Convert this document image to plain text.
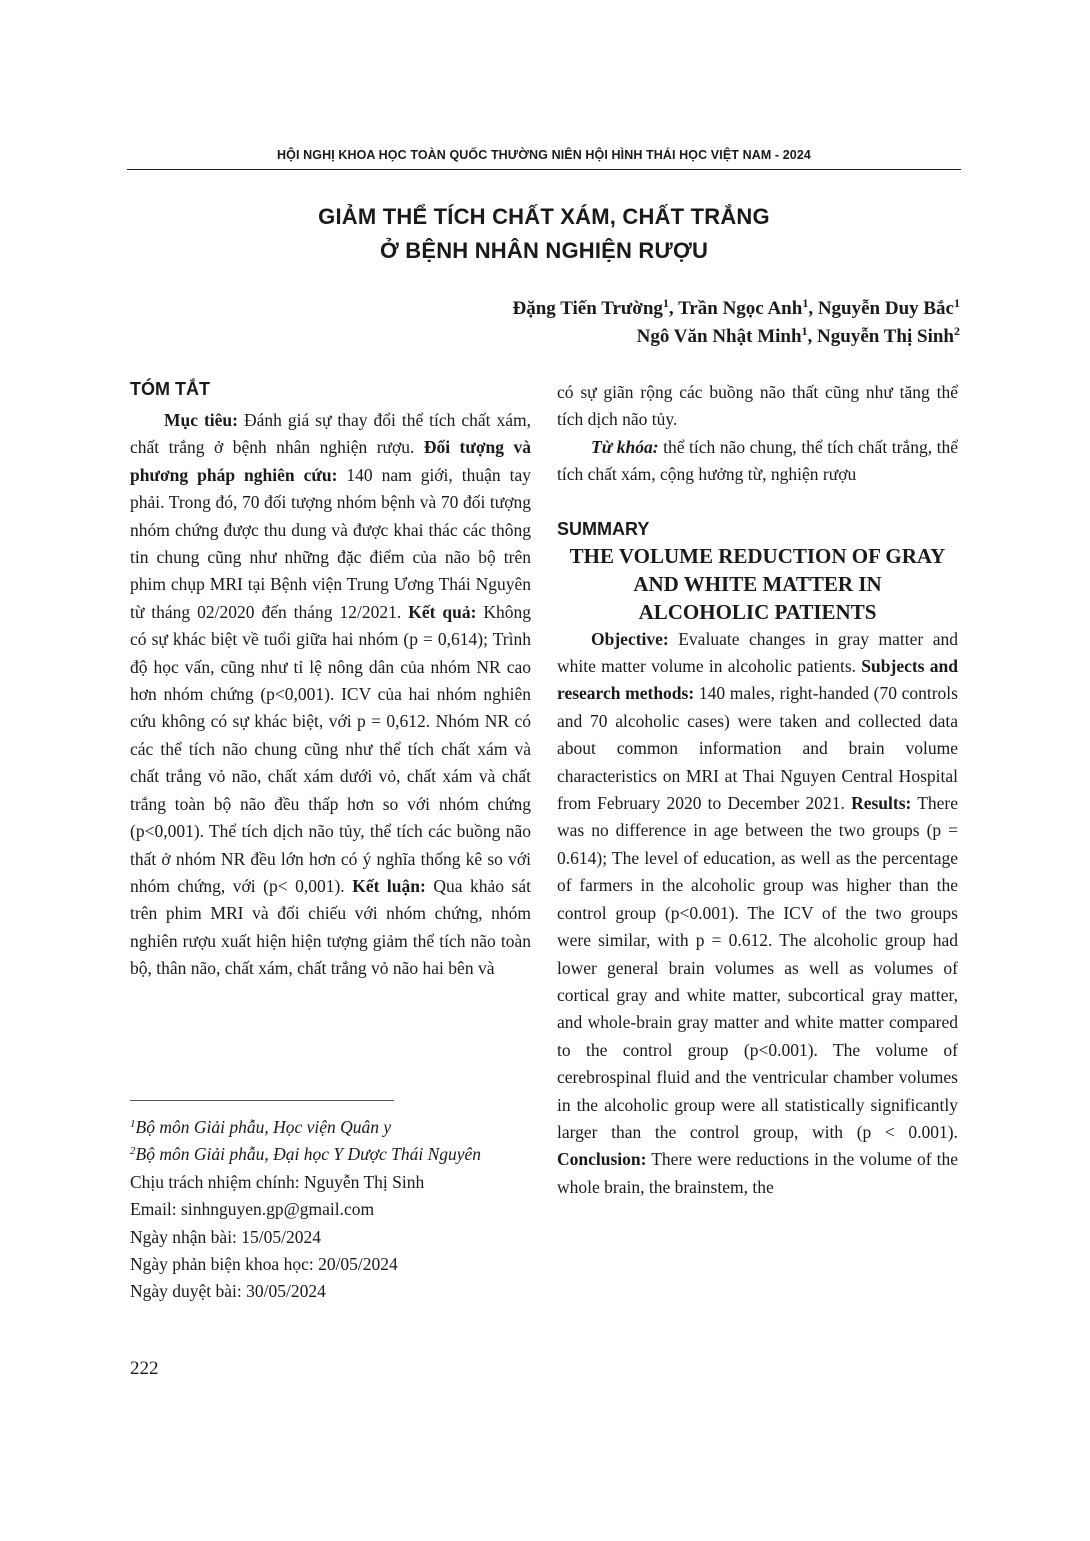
HỘI NGHỊ KHOA HỌC TOÀN QUỐC THƯỜNG NIÊN HỘI HÌNH THÁI HỌC VIỆT NAM - 2024
GIẢM THỂ TÍCH CHẤT XÁM, CHẤT TRẮNG
Ở BỆNH NHÂN NGHIỆN RƯỢU
Đặng Tiến Trường$^1$, Trần Ngọc Anh$^1$, Nguyễn Duy Bắc$^1$
Ngô Văn Nhật Minh$^1$, Nguyễn Thị Sinh$^2$
TÓM TẮT

Mục tiêu: Đánh giá sự thay đổi thể tích chất xám, chất trắng ở bệnh nhân nghiện rượu. Đối tượng và phương pháp nghiên cứu: 140 nam giới, thuận tay phải. Trong đó, 70 đối tượng nhóm bệnh và 70 đối tượng nhóm chứng được thu dung và được khai thác các thông tin chung cũng như những đặc điểm của não bộ trên phim chụp MRI tại Bệnh viện Trung Ương Thái Nguyên từ tháng 02/2020 đến tháng 12/2021. Kết quả: Không có sự khác biệt về tuổi giữa hai nhóm (p = 0,614); Trình độ học vấn, cũng như tỉ lệ nông dân của nhóm NR cao hơn nhóm chứng (p<0,001). ICV của hai nhóm nghiên cứu không có sự khác biệt, với p = 0,612. Nhóm NR có các thể tích não chung cũng như thể tích chất xám và chất trắng vỏ não, chất xám dưới vỏ, chất xám và chất trắng toàn bộ não đều thấp hơn so với nhóm chứng (p<0,001). Thể tích dịch não tủy, thể tích các buồng não thất ở nhóm NR đều lớn hơn có ý nghĩa thống kê so với nhóm chứng, với (p< 0,001). Kết luận: Qua khảo sát trên phim MRI và đối chiếu với nhóm chứng, nhóm nghiên rượu xuất hiện hiện tượng giảm thể tích não toàn bộ, thân não, chất xám, chất trắng vỏ não hai bên và

$^1$Bộ môn Giải phẫu, Học viện Quân y
$^2$Bộ môn Giải phẫu, Đại học Y Dược Thái Nguyên
Chịu trách nhiệm chính: Nguyễn Thị Sinh
Email: sinhnguyen.gp@gmail.com
Ngày nhận bài: 15/05/2024
Ngày phản biện khoa học: 20/05/2024
Ngày duyệt bài: 30/05/2024

có sự giãn rộng các buồng não thất cũng như tăng thể tích dịch não tủy.

Từ khóa: thể tích não chung, thể tích chất trắng, thể tích chất xám, cộng hưởng từ, nghiện rượu

SUMMARY
THE VOLUME REDUCTION OF GRAY
AND WHITE MATTER IN
ALCOHOLIC PATIENTS

Objective: Evaluate changes in gray matter and white matter volume in alcoholic patients. Subjects and research methods: 140 males, right-handed (70 controls and 70 alcoholic cases) were taken and collected data about common information and brain volume characteristics on MRI at Thai Nguyen Central Hospital from February 2020 to December 2021. Results: There was no difference in age between the two groups (p = 0.614); The level of education, as well as the percentage of farmers in the alcoholic group was higher than the control group (p<0.001). The ICV of the two groups were similar, with p = 0.612. The alcoholic group had lower general brain volumes as well as volumes of cortical gray and white matter, subcortical gray matter, and whole-brain gray matter and white matter compared to the control group (p<0.001). The volume of cerebrospinal fluid and the ventricular chamber volumes in the alcoholic group were all statistically significantly larger than the control group, with (p < 0.001). Conclusion: There were reductions in the volume of the whole brain, the brainstem, the

222
